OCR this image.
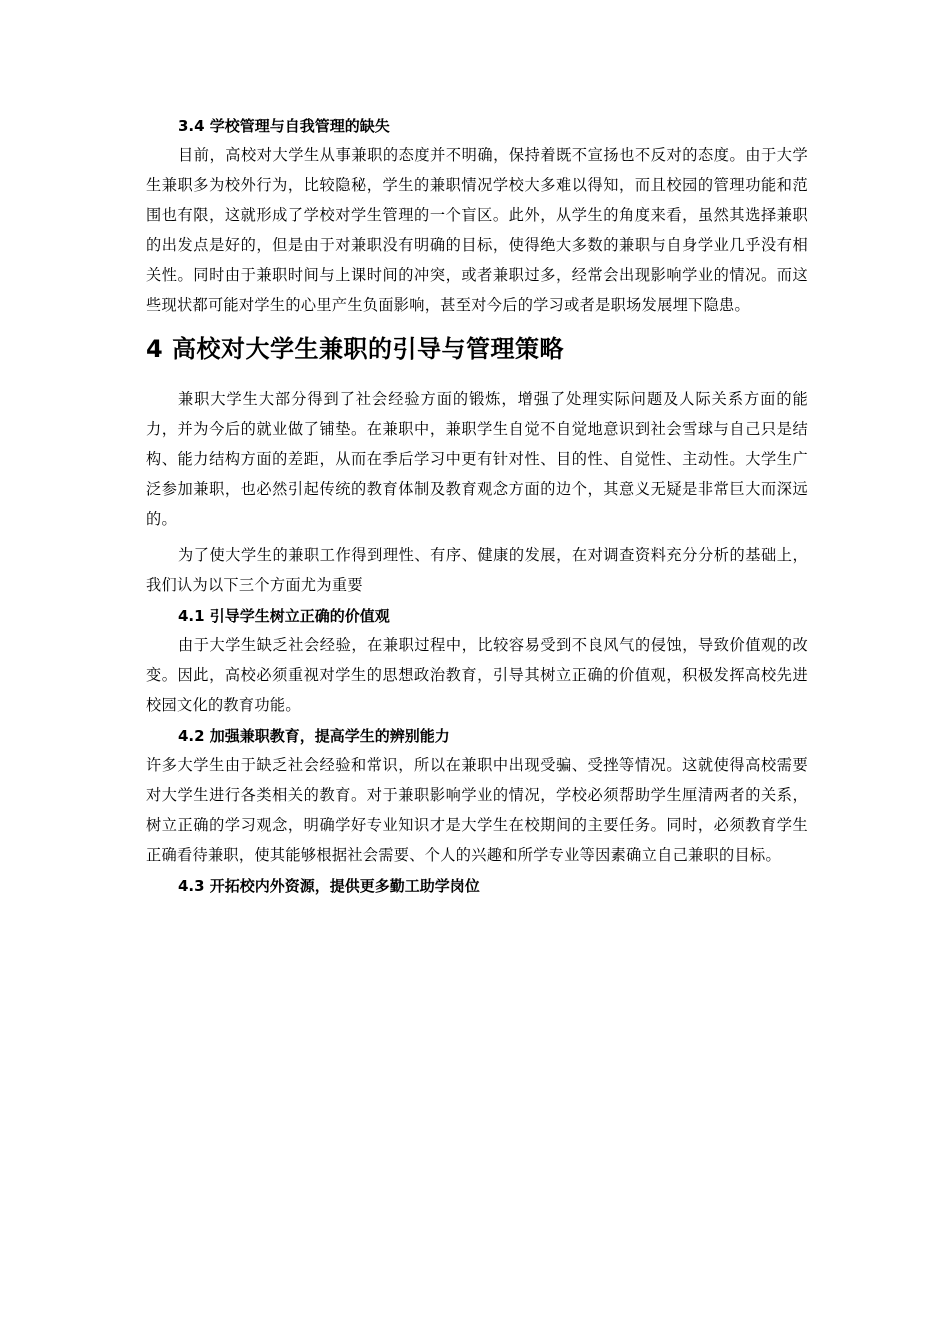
3.4 学校管理与自我管理的缺失

目前，高校对大学生从事兼职的态度并不明确，保持着既不宣扬也不反对的态度。由于大学生兼职多为校外行为，比较隐秘，学生的兼职情况学校大多难以得知，而且校园的管理功能和范围也有限，这就形成了学校对学生管理的一个盲区。此外，从学生的角度来看，虽然其选择兼职的出发点是好的，但是由于对兼职没有明确的目标，使得绝大多数的兼职与自身学业几乎没有相关性。同时由于兼职时间与上课时间的冲突，或者兼职过多，经常会出现影响学业的情况。而这些现状都可能对学生的心里产生负面影响，甚至对今后的学习或者是职场发展埋下隐患。

4 高校对大学生兼职的引导与管理策略

兼职大学生大部分得到了社会经验方面的锻炼，增强了处理实际问题及人际关系方面的能力，并为今后的就业做了铺垫。在兼职中，兼职学生自觉不自觉地意识到社会雪球与自己只是结构、能力结构方面的差距，从而在季后学习中更有针对性、目的性、自觉性、主动性。大学生广泛参加兼职，也必然引起传统的教育体制及教育观念方面的边个，其意义无疑是非常巨大而深远的。

为了使大学生的兼职工作得到理性、有序、健康的发展，在对调查资料充分分析的基础上，我们认为以下三个方面尤为重要

4.1 引导学生树立正确的价值观

由于大学生缺乏社会经验，在兼职过程中，比较容易受到不良风气的侵蚀，导致价值观的改变。因此，高校必须重视对学生的思想政治教育，引导其树立正确的价值观，积极发挥高校先进校园文化的教育功能。

4.2 加强兼职教育，提高学生的辨别能力

许多大学生由于缺乏社会经验和常识，所以在兼职中出现受骗、受挫等情况。这就使得高校需要对大学生进行各类相关的教育。对于兼职影响学业的情况，学校必须帮助学生厘清两者的关系，树立正确的学习观念，明确学好专业知识才是大学生在校期间的主要任务。同时，必须教育学生正确看待兼职，使其能够根据社会需要、个人的兴趣和所学专业等因素确立自己兼职的目标。

4.3 开拓校内外资源，提供更多勤工助学岗位
